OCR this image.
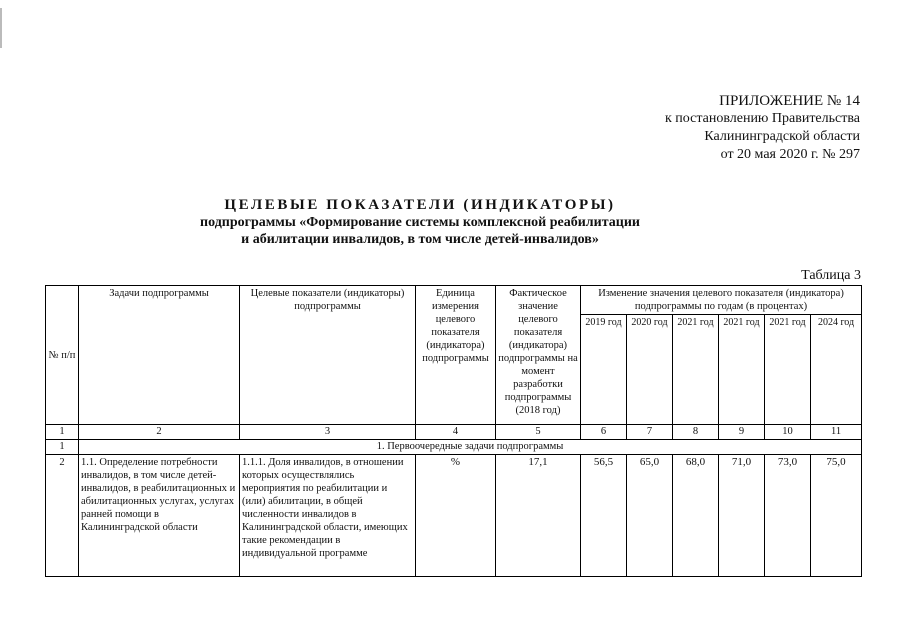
ПРИЛОЖЕНИЕ № 14
к постановлению Правительства
Калининградской области
от 20 мая 2020 г. № 297
ЦЕЛЕВЫЕ ПОКАЗАТЕЛИ (ИНДИКАТОРЫ)
подпрограммы «Формирование системы комплексной реабилитации
и абилитации инвалидов, в том числе детей-инвалидов»
Таблица 3
№ п/п	Задачи подпрограммы	Целевые показатели (индикаторы) подпрограммы	Единица измерения целевого показателя (индикатора) подпрограммы	Фактическое значение целевого показателя (индикатора) подпрограммы на момент разработки подпрограммы (2018 год)	Изменение значения целевого показателя (индикатора) подпрограммы по годам (в процентах)					
					2019 год	2020 год	2021 год	2021 год	2021 год	2024 год
1	2	3	4	5	6	7	8	9	10	11
1	1. Первоочередные задачи подпрограммы									
2	1.1. Определение потребности инвалидов, в том числе детей-инвалидов, в реабилитационных и абилитационных услугах, услугах ранней помощи в Калининградской области	1.1.1. Доля инвалидов, в отношении которых осуществлялись мероприятия по реабилитации и (или) абилитации, в общей численности инвалидов в Калининградской области, имеющих такие рекомендации в индивидуальной программе	%	17,1	56,5	65,0	68,0	71,0	73,0	75,0
